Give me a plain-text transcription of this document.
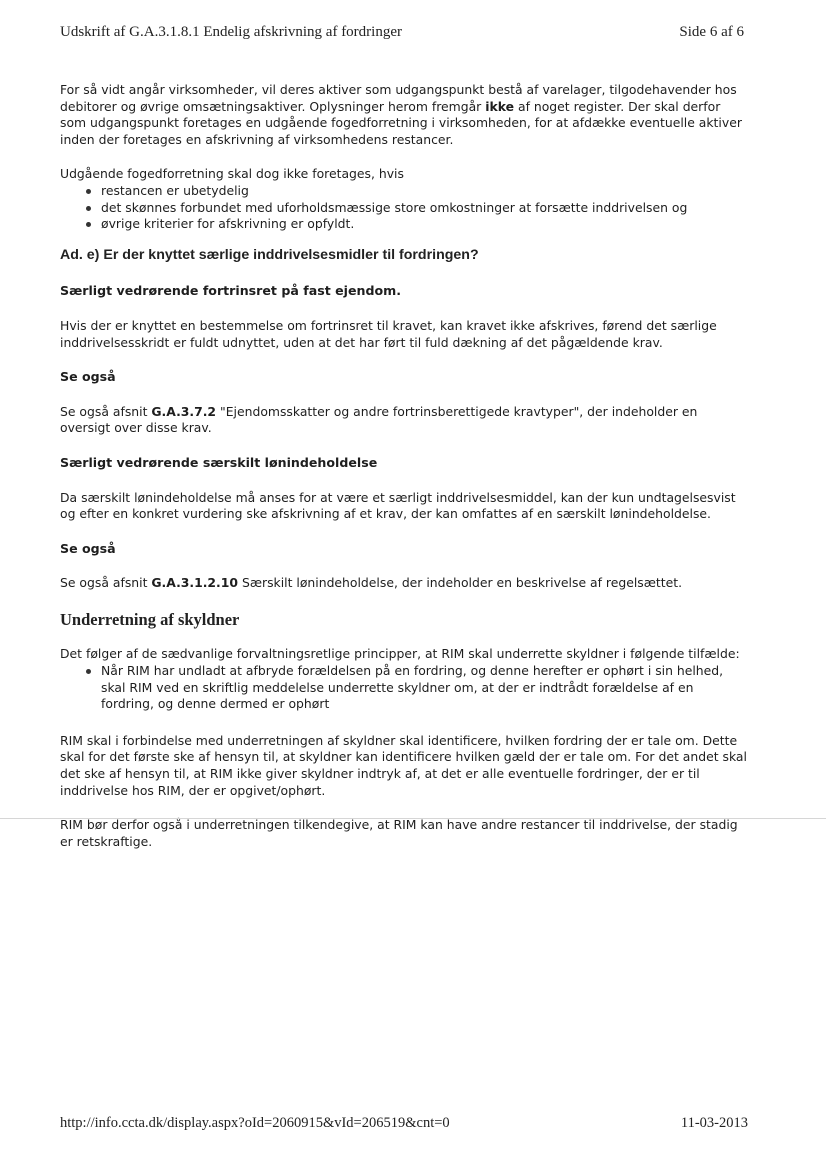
Udskrift af G.A.3.1.8.1 Endelig afskrivning af fordringer	Side 6 af 6

For så vidt angår virksomheder, vil deres aktiver som udgangspunkt bestå af varelager, tilgodehavender hos debitorer og øvrige omsætningsaktiver. Oplysninger herom fremgår ikke af noget register. Der skal derfor som udgangspunkt foretages en udgående fogedforretning i virksomheden, for at afdække eventuelle aktiver inden der foretages en afskrivning af virksomhedens restancer.

Udgående fogedforretning skal dog ikke foretages, hvis

restancen er ubetydelig
det skønnes forbundet med uforholdsmæssige store omkostninger at forsætte inddrivelsen og
øvrige kriterier for afskrivning er opfyldt.

Ad. e) Er der knyttet særlige inddrivelsesmidler til fordringen?

Særligt vedrørende fortrinsret på fast ejendom.

Hvis der er knyttet en bestemmelse om fortrinsret til kravet, kan kravet ikke afskrives, førend det særlige inddrivelsesskridt er fuldt udnyttet, uden at det har ført til fuld dækning af det pågældende krav.

Se også

Se også afsnit G.A.3.7.2 "Ejendomsskatter og andre fortrinsberettigede kravtyper", der indeholder en oversigt over disse krav.

Særligt vedrørende særskilt lønindeholdelse

Da særskilt lønindeholdelse må anses for at være et særligt inddrivelsesmiddel, kan der kun undtagelsesvist og efter en konkret vurdering ske afskrivning af et krav, der kan omfattes af en særskilt lønindeholdelse.

Se også

Se også afsnit G.A.3.1.2.10 Særskilt lønindeholdelse, der indeholder en beskrivelse af regelsættet.

Underretning af skyldner

Det følger af de sædvanlige forvaltningsretlige principper, at RIM skal underrette skyldner i følgende tilfælde:

Når RIM har undladt at afbryde forældelsen på en fordring, og denne herefter er ophørt i sin helhed, skal RIM ved en skriftlig meddelelse underrette skyldner om, at der er indtrådt forældelse af en fordring, og denne dermed er ophørt

RIM skal i forbindelse med underretningen af skyldner skal identificere, hvilken fordring der er tale om. Dette skal for det første ske af hensyn til, at skyldner kan identificere hvilken gæld der er tale om. For det andet skal det ske af hensyn til, at RIM ikke giver skyldner indtryk af, at det er alle eventuelle fordringer, der er til inddrivelse hos RIM, der er opgivet/ophørt.

RIM bør derfor også i underretningen tilkendegive, at RIM kan have andre restancer til inddrivelse, der stadig er retskraftige.

http://info.ccta.dk/display.aspx?oId=2060915&vId=206519&cnt=0	11-03-2013
